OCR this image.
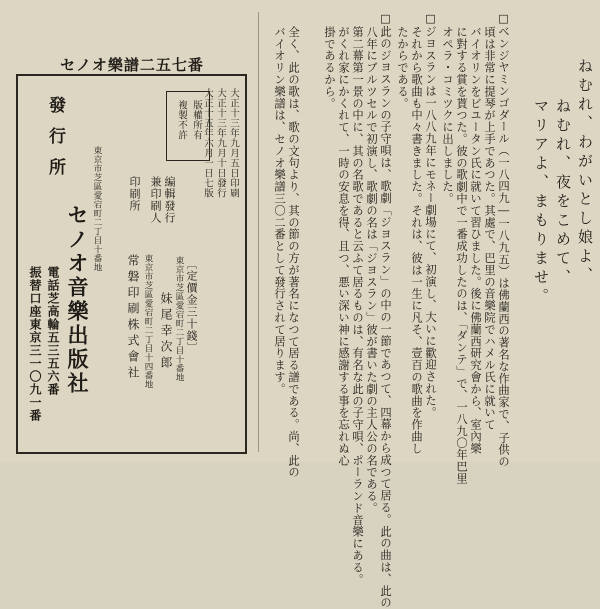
セノオ樂譜二五七番
大正十三年九月五日印刷
大正十三年九月十日發行
大正十五年六月一日七版
版權所有
複製不許
〔定價金三十錢〕
編輯發行
兼印刷人
東京市芝區愛宕町二丁目十番地
妹尾幸次郎
印刷所
東京市芝區愛宕町二丁目十四番地
常磐印刷株式會社
發行所
東京市芝區愛宕町二丁目十番地
セノオ音樂出版社
電話芝高輪五三五六番
振替口座東京三一〇九一番	□ベンジヤミンゴダール（一八四九―一八九五）は佛蘭西の著名な作曲家で、子供の
頃は非常に提琴が上手であつた。其處で、巴里の音樂院でハメル氏に就いて
バイオリンをビユータン氏に就いて習ひました。後に佛蘭西研究會から、室內樂
に對する賞を貰つた。彼の歌劇中で一番成功したのは、「ダンテ」で、一八九〇年巴里
オペラ・コミツクに出しました。
□ジヨスランは一八八九年にモネー劇場にて、初演し、大いに歡迎された。
それから歌曲も中々書きました。それは、彼は一生に凡そ、壹百の歌曲を作曲し
たからである。
□此のジヨスランの子守唄は、歌劇「ジヨスラン」の中の一節であつて、四幕から成つて居る。此の曲は、此の
八年にブルツセルで初演し、歌劇の名は「ジヨスラン」彼が書いた劇の主人公の名である。
第二幕第一景の中に、其の名歌であると云ふて居るものは、有名な此の子守唄、ポーランド音樂にある。
がくれ家にかくれて、一時の安息を得、且つ、悪い深い神に感謝する事を忘れぬ心
掛であるから。
全く、此の歌は、歌の文句より、其の節の方が著名になつて居る譜である。尚、此の
バイオリン樂譜は、セノオ樂譜三〇二番として發行されて居ります。	ねむれ、わがいとし娘よ、
ねむれ、夜をこめて、
マリアよ、まもりませ。
